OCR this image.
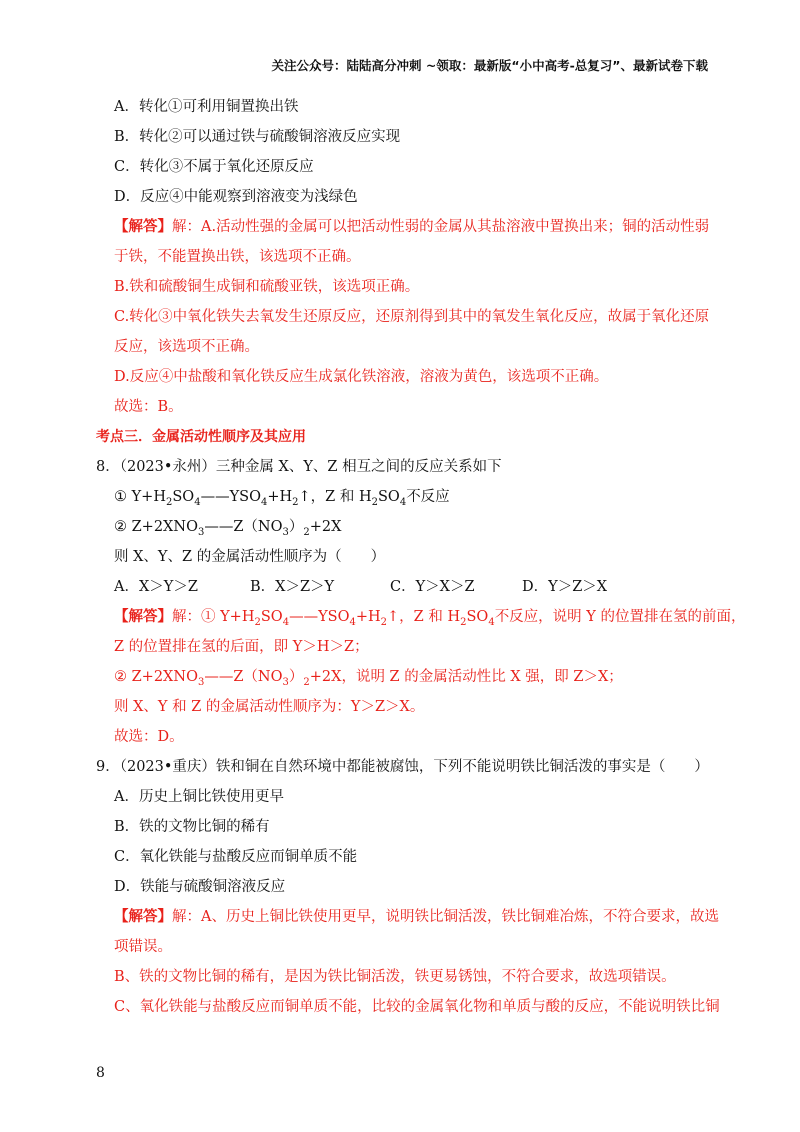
关注公众号：陆陆高分冲刺 ~领取：最新版“小中高考-总复习”、最新试卷下载
A．转化①可利用铜置换出铁
B．转化②可以通过铁与硫酸铜溶液反应实现
C．转化③不属于氧化还原反应
D．反应④中能观察到溶液变为浅绿色
【解答】解：A.活动性强的金属可以把活动性弱的金属从其盐溶液中置换出来；铜的活动性弱
于铁，不能置换出铁，该选项不正确。
B.铁和硫酸铜生成铜和硫酸亚铁，该选项正确。
C.转化③中氧化铁失去氧发生还原反应，还原剂得到其中的氧发生氧化反应，故属于氧化还原
反应，该选项不正确。
D.反应④中盐酸和氧化铁反应生成氯化铁溶液，溶液为黄色，该选项不正确。
故选：B。
考点三．金属活动性顺序及其应用
8．（2023•永州）三种金属 X、Y、Z 相互之间的反应关系如下
① $Y+H_2SO_4——YSO_4+H_2↑$，Z 和 $H_2SO_4$不反应
② $Z+2XNO_3——Z(NO_3)_2+2X$
则 X、Y、Z 的金属活动性顺序为（　　）
A．X＞Y＞Z	B．X＞Z＞Y	C．Y＞X＞Z	D．Y＞Z＞X
【解答】解：① $Y+H_2SO_4——YSO_4+H_2↑$，Z 和 $H_2SO_4$不反应，说明 Y 的位置排在氢的前面，
Z 的位置排在氢的后面，即 Y＞H＞Z；
② $Z+2XNO_3——Z(NO_3)_2+2X$，说明 Z 的金属活动性比 X 强，即 Z＞X；
则 X、Y 和 Z 的金属活动性顺序为：Y＞Z＞X。
故选：D。
9．（2023•重庆）铁和铜在自然环境中都能被腐蚀，下列不能说明铁比铜活泼的事实是（　　）
A．历史上铜比铁使用更早
B．铁的文物比铜的稀有
C．氧化铁能与盐酸反应而铜单质不能
D．铁能与硫酸铜溶液反应
【解答】解：A、历史上铜比铁使用更早，说明铁比铜活泼，铁比铜难冶炼，不符合要求，故选
项错误。
B、铁的文物比铜的稀有，是因为铁比铜活泼，铁更易锈蚀，不符合要求，故选项错误。
C、氧化铁能与盐酸反应而铜单质不能，比较的金属氧化物和单质与酸的反应，不能说明铁比铜
8
